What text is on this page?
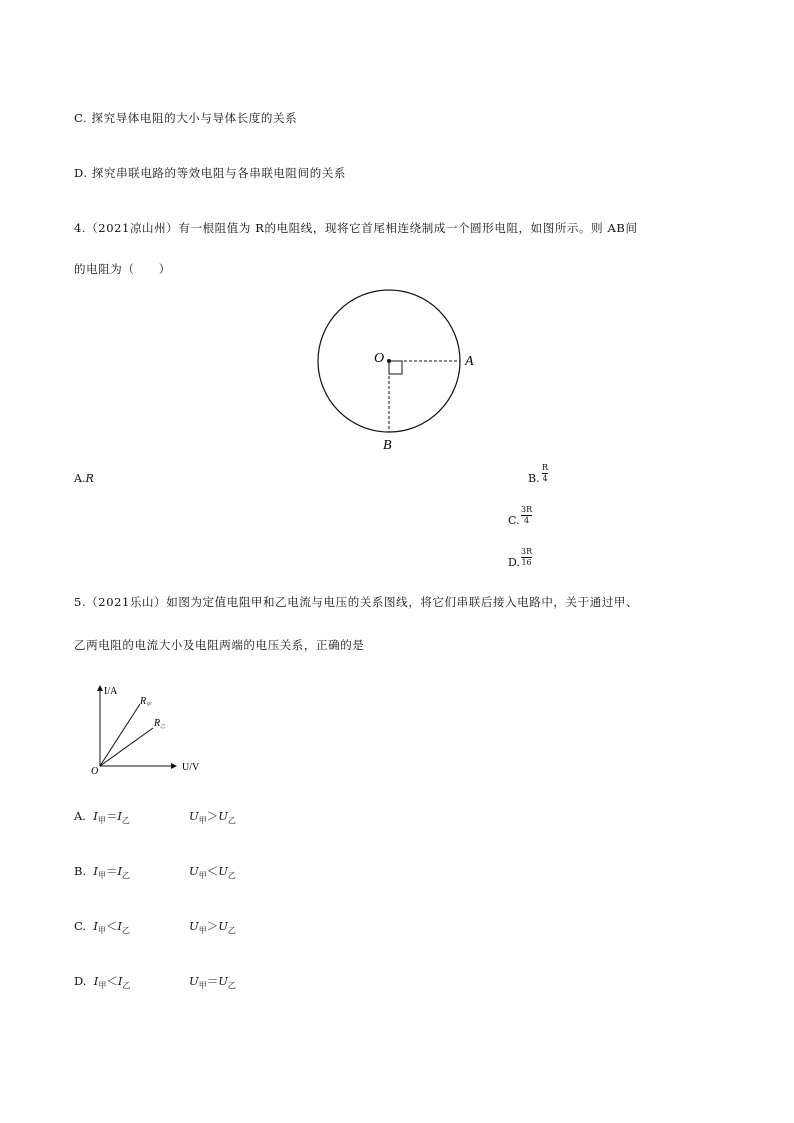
C. 探究导体电阻的大小与导体长度的关系
D. 探究串联电路的等效电阻与各串联电阻间的关系
4.（2021凉山州）有一根阻值为 R的电阻线，现将它首尾相连绕制成一个圆形电阻，如图所示。则 AB间
的电阻为（　　）
O	A
B
A.R	B.
R
4
C.
3R
4
D.
3R
16
5.（2021乐山）如图为定值电阻甲和乙电流与电压的关系图线，将它们串联后接入电路中，关于通过甲、
乙两电阻的电流大小及电阻两端的电压关系，正确的是
I/A
U/V
O
$R_甲$
$R_乙$
A. $I_甲=I_乙$	$U_甲>U_乙$
B. $I_甲=I_乙$	$U_甲<U_乙$
C. $I_甲<I_乙$	$U_甲>U_乙$
D. $I_甲<I_乙$	$U_甲=U_乙$
